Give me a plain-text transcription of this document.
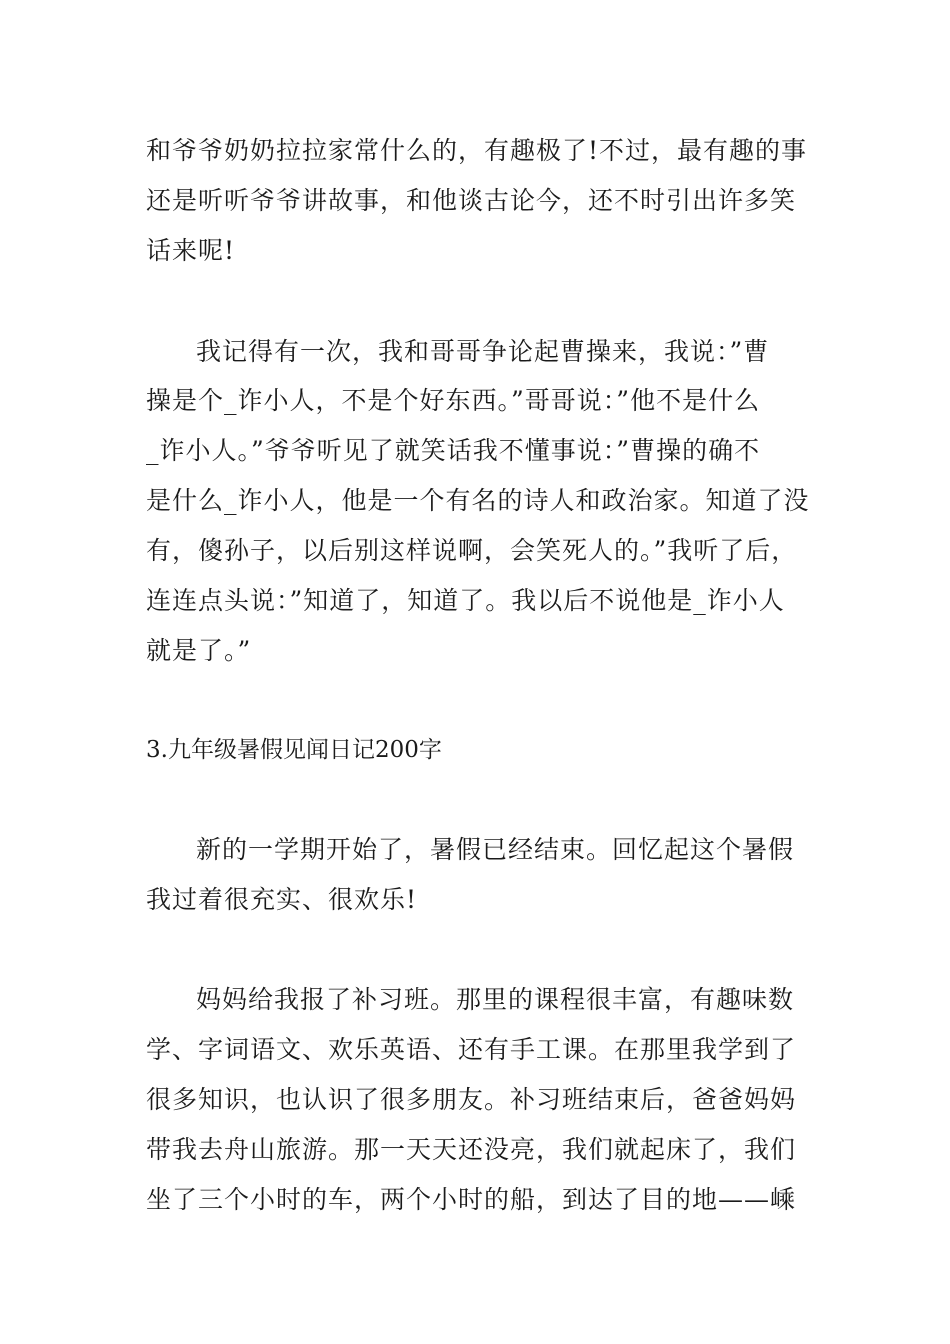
和爷爷奶奶拉拉家常什么的，有趣极了!不过，最有趣的事
还是听听爷爷讲故事，和他谈古论今，还不时引出许多笑
话来呢!
我记得有一次，我和哥哥争论起曹操来，我说：”曹
操是个_诈小人，不是个好东西。”哥哥说：”他不是什么
_诈小人。”爷爷听见了就笑话我不懂事说：”曹操的确不
是什么_诈小人，他是一个有名的诗人和政治家。知道了没
有，傻孙子，以后别这样说啊，会笑死人的。”我听了后，
连连点头说：”知道了，知道了。我以后不说他是_诈小人
就是了。”
3.九年级暑假见闻日记200字
新的一学期开始了，暑假已经结束。回忆起这个暑假
我过着很充实、很欢乐!
妈妈给我报了补习班。那里的课程很丰富，有趣味数
学、字词语文、欢乐英语、还有手工课。在那里我学到了
很多知识，也认识了很多朋友。补习班结束后，爸爸妈妈
带我去舟山旅游。那一天天还没亮，我们就起床了，我们
坐了三个小时的车，两个小时的船，到达了目的地——嵊
